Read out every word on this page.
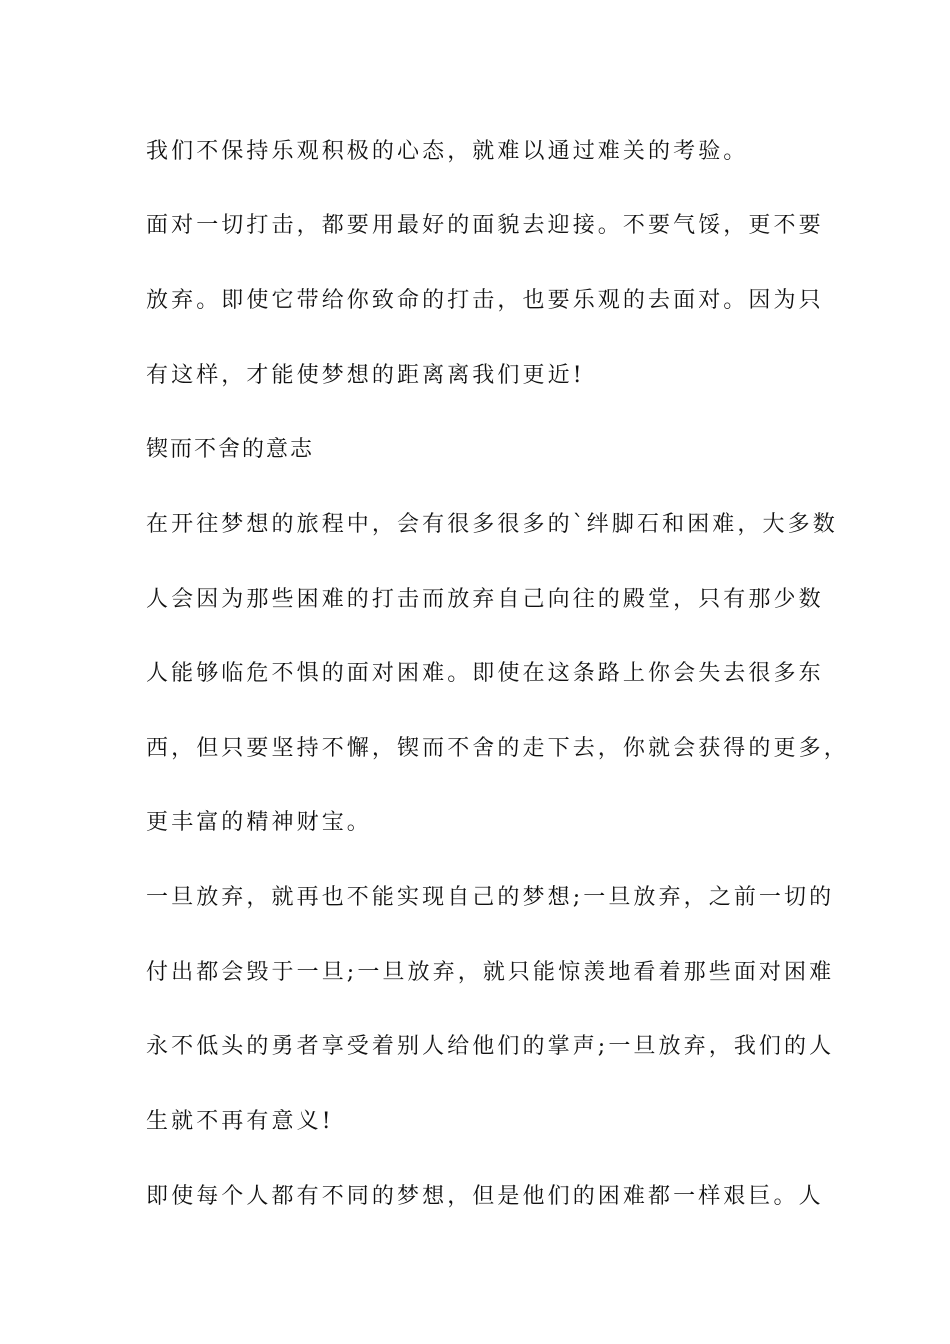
我们不保持乐观积极的心态，就难以通过难关的考验。
面对一切打击，都要用最好的面貌去迎接。不要气馁，更不要
放弃。即使它带给你致命的打击，也要乐观的去面对。因为只
有这样，才能使梦想的距离离我们更近!
锲而不舍的意志
在开往梦想的旅程中，会有很多很多的`绊脚石和困难，大多数
人会因为那些困难的打击而放弃自己向往的殿堂，只有那少数
人能够临危不惧的面对困难。即使在这条路上你会失去很多东
西，但只要坚持不懈，锲而不舍的走下去，你就会获得的更多，
更丰富的精神财宝。
一旦放弃，就再也不能实现自己的梦想;一旦放弃，之前一切的
付出都会毁于一旦;一旦放弃，就只能惊羡地看着那些面对困难
永不低头的勇者享受着别人给他们的掌声;一旦放弃，我们的人
生就不再有意义!
即使每个人都有不同的梦想，但是他们的困难都一样艰巨。人
